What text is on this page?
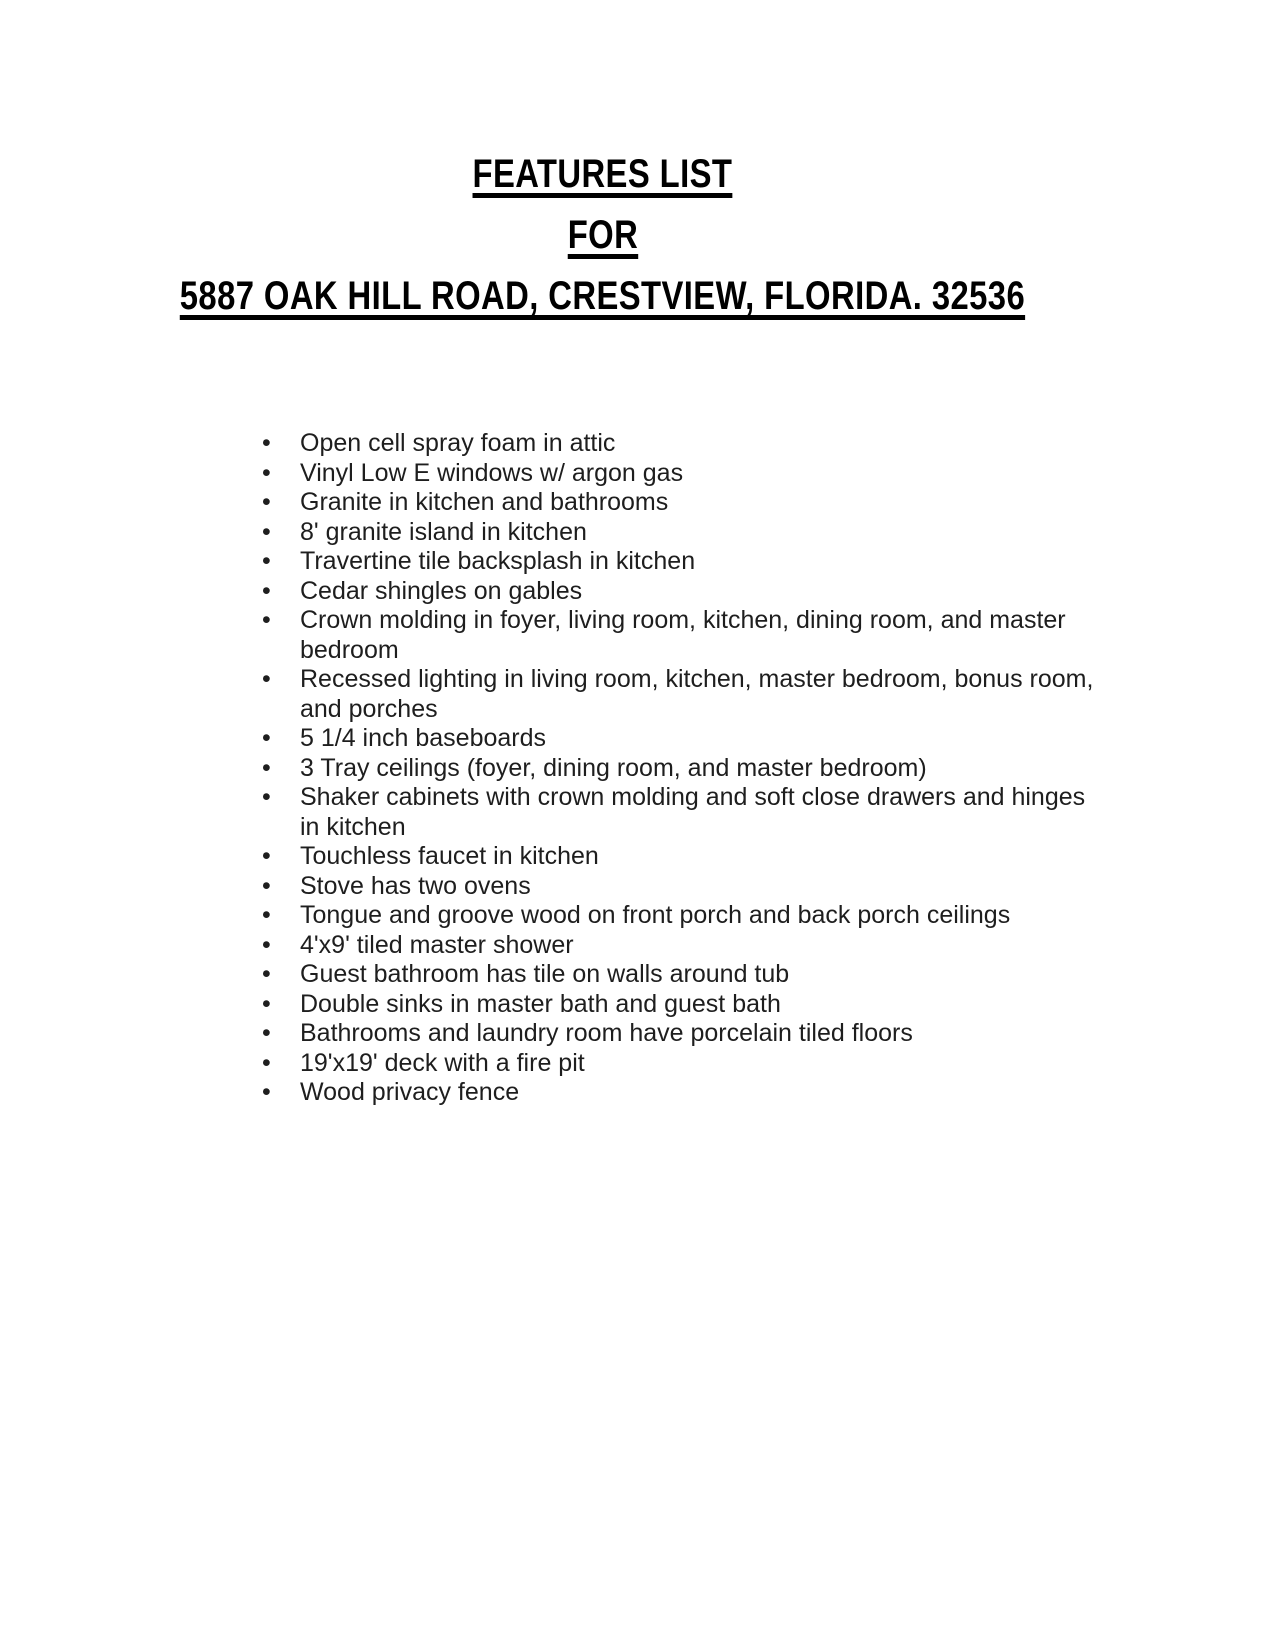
FEATURES LIST
FOR
5887 OAK HILL ROAD, CRESTVIEW, FLORIDA. 32536
•	Open cell spray foam in attic
•	Vinyl Low E windows w/ argon gas
•	Granite in kitchen and bathrooms
•	8' granite island in kitchen
•	Travertine tile backsplash in kitchen
•	Cedar shingles on gables
•	Crown molding in foyer, living room, kitchen, dining room, and master bedroom
•	Recessed lighting in living room, kitchen, master bedroom, bonus room, and porches
•	5 1/4 inch baseboards
•	3 Tray ceilings (foyer, dining room, and master bedroom)
•	Shaker cabinets with crown molding and soft close drawers and hinges in kitchen
•	Touchless faucet in kitchen
•	Stove has two ovens
•	Tongue and groove wood on front porch and back porch ceilings
•	4'x9' tiled master shower
•	Guest bathroom has tile on walls around tub
•	Double sinks in master bath and guest bath
•	Bathrooms and laundry room have porcelain tiled floors
•	19'x19' deck with a fire pit
•	Wood privacy fence
